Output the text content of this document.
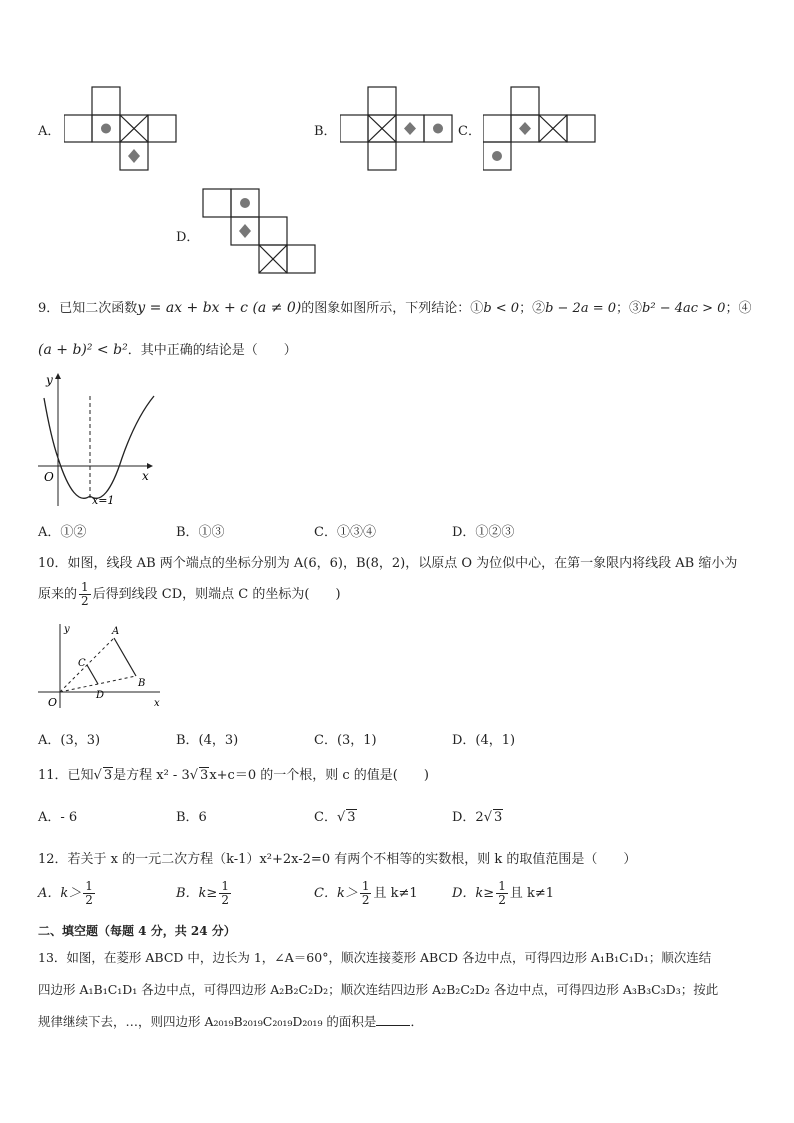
A．	B．	C．
D．
9．已知二次函数y = ax + bx + c (a ≠ 0)的图象如图所示，下列结论：①b < 0；②b − 2a = 0；③b² − 4ac > 0；④
(a + b)² < b²．其中正确的结论是（　　）
y
x
O
x=1
A．①②	B．①③	C．①③④	D．①②③
10．如图，线段 AB 两个端点的坐标分别为 A(6，6)，B(8，2)，以原点 O 为位似中心，在第一象限内将线段 AB 缩小为
原来的 $\frac{1}{2}$ 后得到线段 CD，则端点 C 的坐标为(　　)
y
x
O
A
B
C
D
A．(3，3)	B．(4，3)	C．(3，1)	D．(4，1)
11．已知√ 3是方程 x² - 3√ 3x+c＝0 的一个根，则 c 的值是(　　)
A．- 6	B．6	C．√ 3	D．2√ 3
12．若关于 x 的一元二次方程（k-1）x²+2x-2=0 有两个不相等的实数根，则 k 的取值范围是（　　）
A．$k> \frac{1}{2}$	B．$k\ge \frac{1}{2}$	C．$k> \frac{1}{2}$ 且 k≠1	D．$k\ge \frac{1}{2}$ 且 k≠1
二、填空题（每题 4 分，共 24 分）
13．如图，在菱形 ABCD 中，边长为 1，∠A＝60°，顺次连接菱形 ABCD 各边中点，可得四边形 A₁B₁C₁D₁；顺次连结
四边形 A₁B₁C₁D₁ 各边中点，可得四边形 A₂B₂C₂D₂；顺次连结四边形 A₂B₂C₂D₂ 各边中点，可得四边形 A₃B₃C₃D₃；按此
规律继续下去，…，则四边形 A₂₀₁₉B₂₀₁₉C₂₀₁₉D₂₀₁₉ 的面积是	．
